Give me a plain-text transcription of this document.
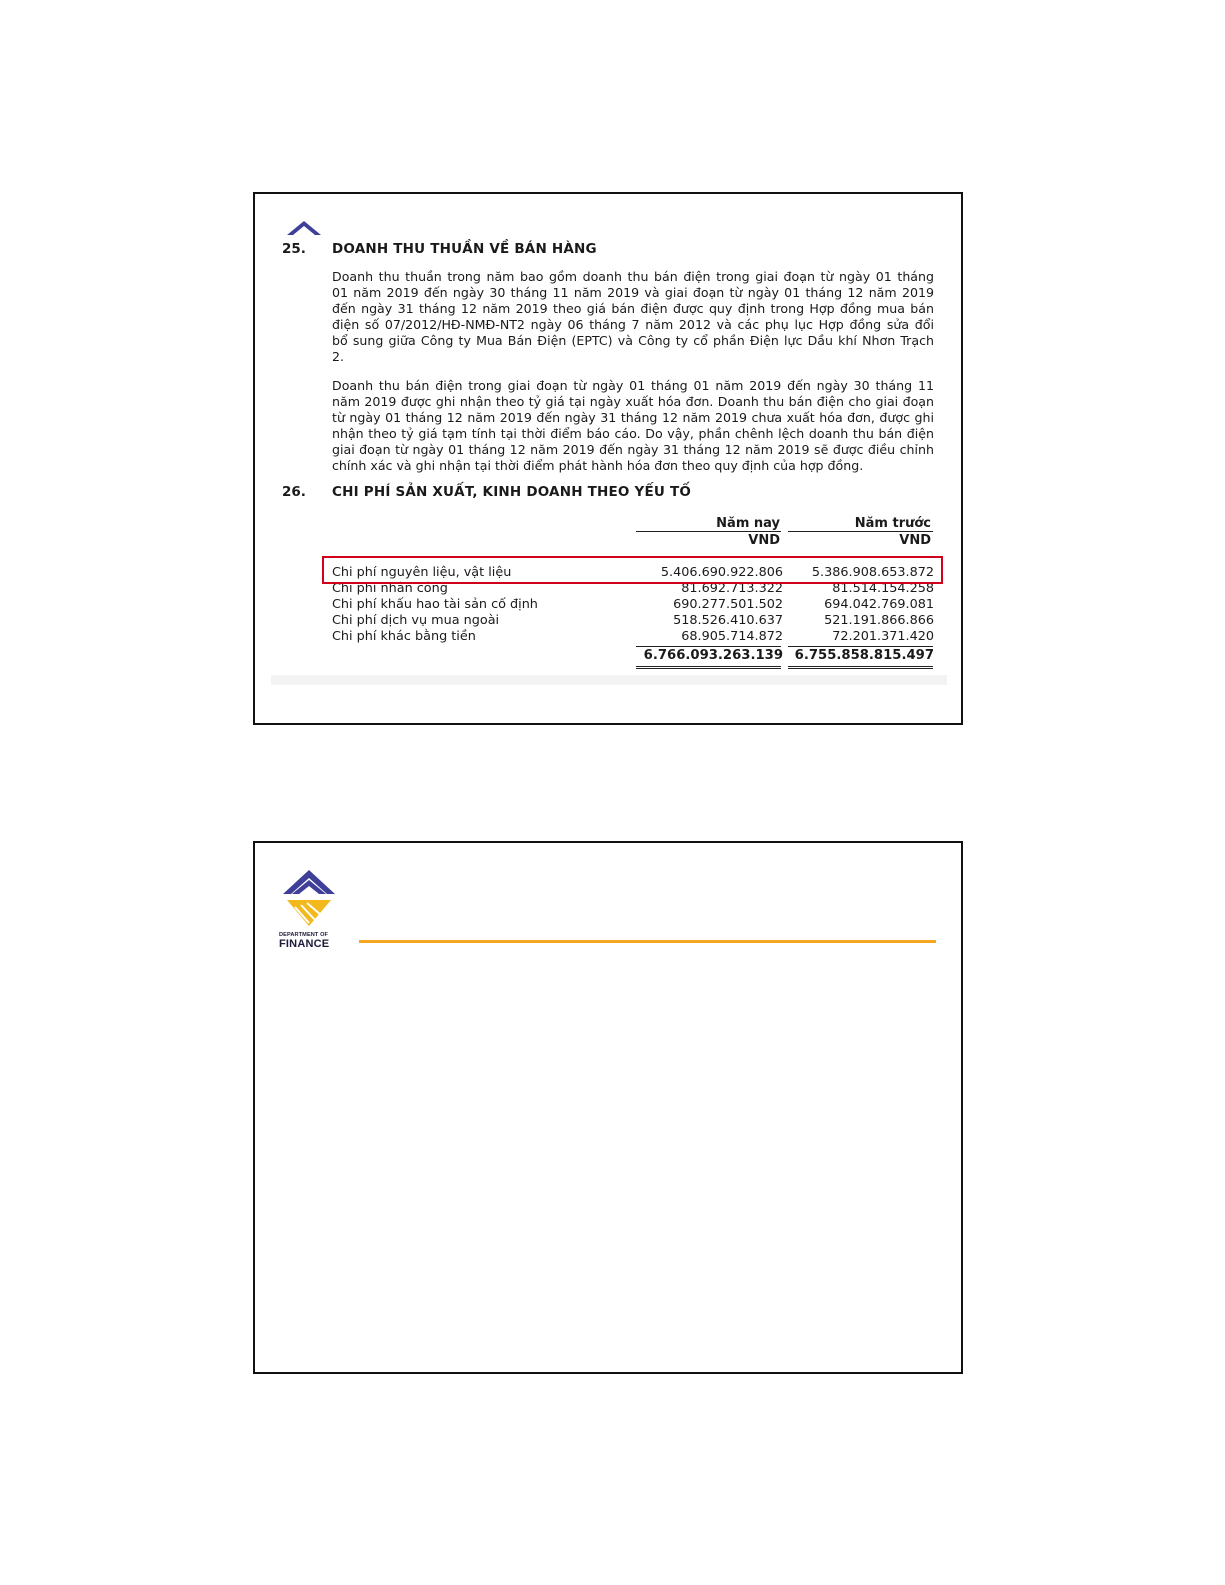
25. DOANH THU THUẦN VỀ BÁN HÀNG

Doanh thu thuần trong năm bao gồm doanh thu bán điện trong giai đoạn từ ngày 01 tháng
01 năm 2019 đến ngày 30 tháng 11 năm 2019 và giai đoạn từ ngày 01 tháng 12 năm 2019
đến ngày 31 tháng 12 năm 2019 theo giá bán điện được quy định trong Hợp đồng mua bán
điện số 07/2012/HĐ-NMĐ-NT2 ngày 06 tháng 7 năm 2012 và các phụ lục Hợp đồng sửa đổi
bổ sung giữa Công ty Mua Bán Điện (EPTC) và Công ty cổ phần Điện lực Dầu khí Nhơn Trạch
2.

Doanh thu bán điện trong giai đoạn từ ngày 01 tháng 01 năm 2019 đến ngày 30 tháng 11
năm 2019 được ghi nhận theo tỷ giá tại ngày xuất hóa đơn. Doanh thu bán điện cho giai đoạn
từ ngày 01 tháng 12 năm 2019 đến ngày 31 tháng 12 năm 2019 chưa xuất hóa đơn, được ghi
nhận theo tỷ giá tạm tính tại thời điểm báo cáo. Do vậy, phần chênh lệch doanh thu bán điện
giai đoạn từ ngày 01 tháng 12 năm 2019 đến ngày 31 tháng 12 năm 2019 sẽ được điều chỉnh
chính xác và ghi nhận tại thời điểm phát hành hóa đơn theo quy định của hợp đồng.

26. CHI PHÍ SẢN XUẤT, KINH DOANH THEO YẾU TỐ
Năm nay	Năm trước
VND	VND
Chi phí nguyên liệu, vật liệu	5.406.690.922.806 5.386.908.653.872
Chi phí nhân công	81.692.713.322	81.514.154.258
Chi phí khấu hao tài sản cố định	690.277.501.502	694.042.769.081
Chi phí dịch vụ mua ngoài	518.526.410.637	521.191.866.866
Chi phí khác bằng tiền	68.905.714.872	72.201.371.420
6.766.093.263.139 6.755.858.815.497
DEPARTMENT OF
FINANCE
